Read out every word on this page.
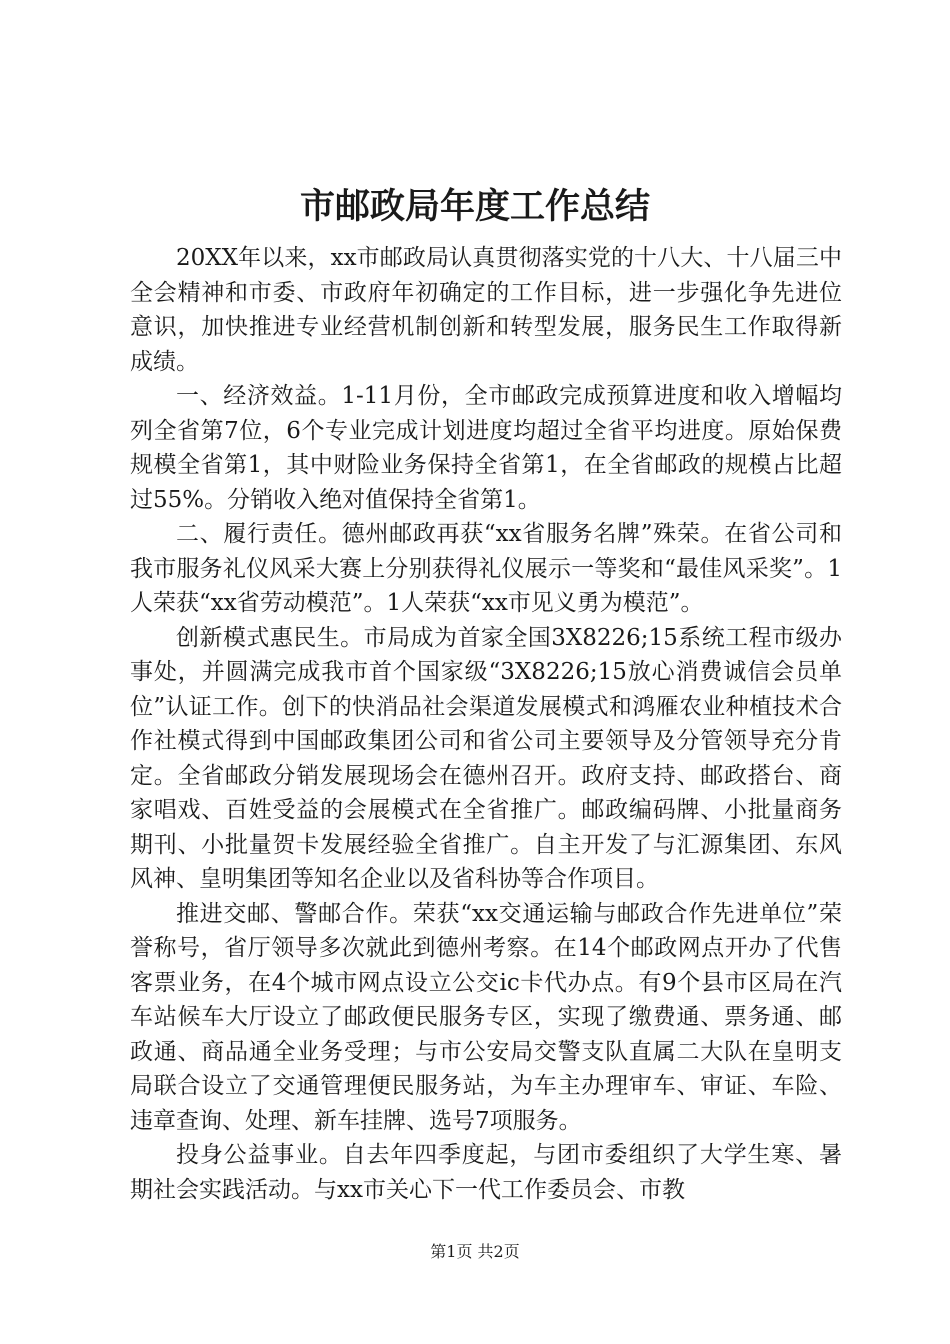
市邮政局年度工作总结

20XX年以来，xx市邮政局认真贯彻落实党的十八大、十八届三中全会精神和市委、市政府年初确定的工作目标，进一步强化争先进位意识，加快推进专业经营机制创新和转型发展，服务民生工作取得新成绩。

一、经济效益。1-11月份，全市邮政完成预算进度和收入增幅均列全省第7位，6个专业完成计划进度均超过全省平均进度。原始保费规模全省第1，其中财险业务保持全省第1，在全省邮政的规模占比超过55%。分销收入绝对值保持全省第1。

二、履行责任。德州邮政再获“xx省服务名牌”殊荣。在省公司和我市服务礼仪风采大赛上分别获得礼仪展示一等奖和“最佳风采奖”。1人荣获“xx省劳动模范”。1人荣获“xx市见义勇为模范”。

创新模式惠民生。市局成为首家全国3X8226;15系统工程市级办事处，并圆满完成我市首个国家级“3X8226;15放心消费诚信会员单位”认证工作。创下的快消品社会渠道发展模式和鸿雁农业种植技术合作社模式得到中国邮政集团公司和省公司主要领导及分管领导充分肯定。全省邮政分销发展现场会在德州召开。政府支持、邮政搭台、商家唱戏、百姓受益的会展模式在全省推广。邮政编码牌、小批量商务期刊、小批量贺卡发展经验全省推广。自主开发了与汇源集团、东风风神、皇明集团等知名企业以及省科协等合作项目。

推进交邮、警邮合作。荣获“xx交通运输与邮政合作先进单位”荣誉称号，省厅领导多次就此到德州考察。在14个邮政网点开办了代售客票业务，在4个城市网点设立公交ic卡代办点。有9个县市区局在汽车站候车大厅设立了邮政便民服务专区，实现了缴费通、票务通、邮政通、商品通全业务受理；与市公安局交警支队直属二大队在皇明支局联合设立了交通管理便民服务站，为车主办理审车、审证、车险、违章查询、处理、新车挂牌、选号7项服务。

投身公益事业。自去年四季度起，与团市委组织了大学生寒、暑期社会实践活动。与xx市关心下一代工作委员会、市教

第1页 共2页
